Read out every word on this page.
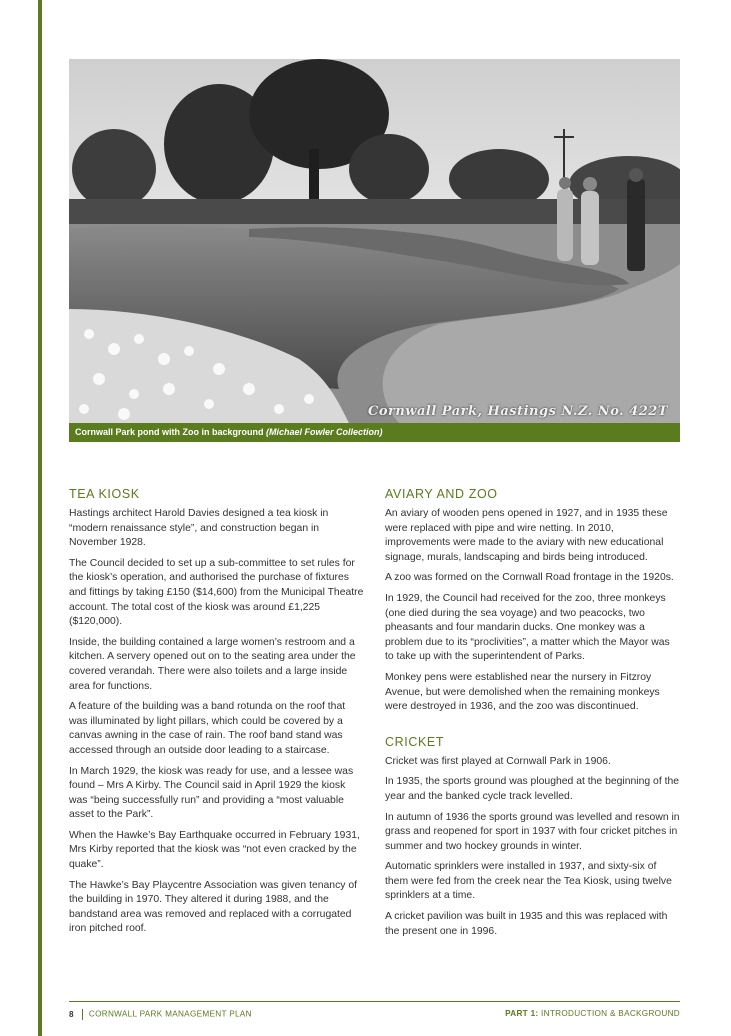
Cornwall Park, Hastings N.Z. No. 422T
Cornwall Park pond with Zoo in background (Michael Fowler Collection)
TEA KIOSK

Hastings architect Harold Davies designed a tea kiosk in “modern renaissance style”, and construction began in November 1928.

The Council decided to set up a sub-committee to set rules for the kiosk’s operation, and authorised the purchase of fixtures and fittings by taking £150 ($14,600) from the Municipal Theatre account. The total cost of the kiosk was around £1,225 ($120,000).

Inside, the building contained a large women’s restroom and a kitchen. A servery opened out on to the seating area under the covered verandah. There were also toilets and a large inside area for functions.

A feature of the building was a band rotunda on the roof that was illuminated by light pillars, which could be covered by a canvas awning in the case of rain. The roof band stand was accessed through an outside door leading to a staircase.

In March 1929, the kiosk was ready for use, and a lessee was found – Mrs A Kirby. The Council said in April 1929 the kiosk was “being successfully run” and providing a “most valuable asset to the Park”.

When the Hawke’s Bay Earthquake occurred in February 1931, Mrs Kirby reported that the kiosk was “not even cracked by the quake”.

The Hawke’s Bay Playcentre Association was given tenancy of the building in 1970. They altered it during 1988, and the bandstand area was removed and replaced with a corrugated iron pitched roof.

AVIARY AND ZOO

An aviary of wooden pens opened in 1927, and in 1935 these were replaced with pipe and wire netting. In 2010, improvements were made to the aviary with new educational signage, murals, landscaping and birds being introduced.

A zoo was formed on the Cornwall Road frontage in the 1920s.

In 1929, the Council had received for the zoo, three monkeys (one died during the sea voyage) and two peacocks, two pheasants and four mandarin ducks. One monkey was a problem due to its “proclivities”, a matter which the Mayor was to take up with the superintendent of Parks.

Monkey pens were established near the nursery in Fitzroy Avenue, but were demolished when the remaining monkeys were destroyed in 1936, and the zoo was discontinued.

CRICKET

Cricket was first played at Cornwall Park in 1906.

In 1935, the sports ground was ploughed at the beginning of the year and the banked cycle track levelled.

In autumn of 1936 the sports ground was levelled and resown in grass and reopened for sport in 1937 with four cricket pitches in summer and two hockey grounds in winter.

Automatic sprinklers were installed in 1937, and sixty-six of them were fed from the creek near the Tea Kiosk, using twelve sprinklers at a time.

A cricket pavilion was built in 1935 and this was replaced with the present one in 1996.

8 CORNWALL PARK MANAGEMENT PLAN	PART 1: INTRODUCTION & BACKGROUND
